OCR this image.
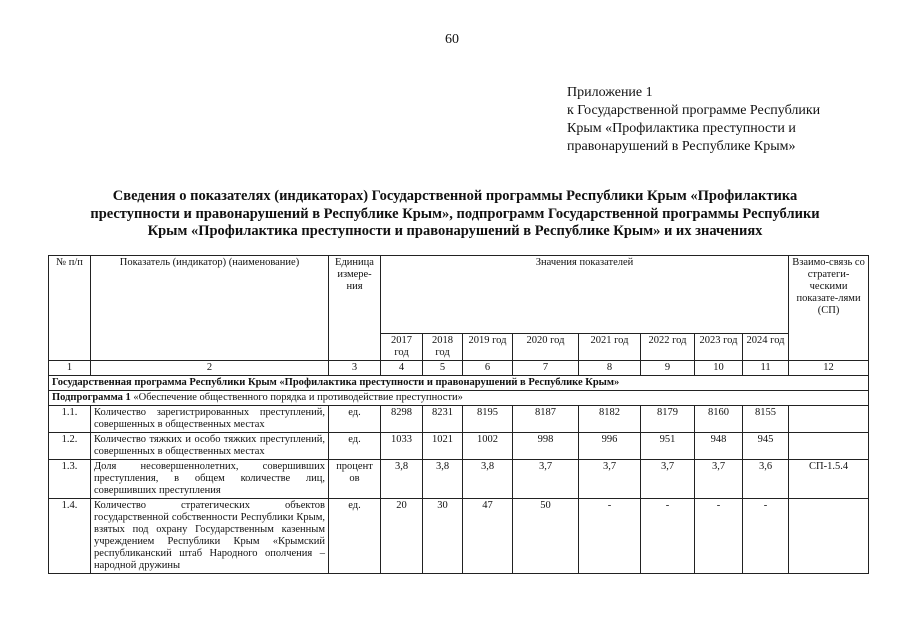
60
Приложение 1
к Государственной программе Республики
Крым «Профилактика преступности и
правонарушений в Республике Крым»
Сведения о показателях (индикаторах) Государственной программы Республики Крым «Профилактика
преступности и правонарушений в Республике Крым», подпрограмм Государственной программы Республики
Крым «Профилактика преступности и правонарушений в Республике Крым» и их значениях
№ п/п	Показатель (индикатор) (наименование)	Единица измере-ния	Значения показателей								Взаимо-связь со стратеги-ческими показате-лями (СП)
			2017 год	2018 год	2019 год	2020 год	2021 год	2022 год	2023 год	2024 год	
1	2	3	4	5	6	7	8	9	10	11	12
Государственная программа Республики Крым «Профилактика преступности и правонарушений в Республике Крым»											
Подпрограмма 1 «Обеспечение общественного порядка и противодействие преступности»											
1.1.	Количество зарегистрированных преступлений, совершенных в общественных местах	ед.	8298	8231	8195	8187	8182	8179	8160	8155	
1.2.	Количество тяжких и особо тяжких преступлений, совершенных в общественных местах	ед.	1033	1021	1002	998	996	951	948	945	
1.3.	Доля несовершеннолетних, совершивших преступления, в общем количестве лиц, совершивших преступления	процент ов	3,8	3,8	3,8	3,7	3,7	3,7	3,7	3,6	СП-1.5.4
1.4.	Количество стратегических объектов государственной собственности Республики Крым, взятых под охрану Государственным казенным учреждением Республики Крым «Крымский республиканский штаб Народного ополчения – народной дружины	ед.	20	30	47	50	-	-	-	-	
